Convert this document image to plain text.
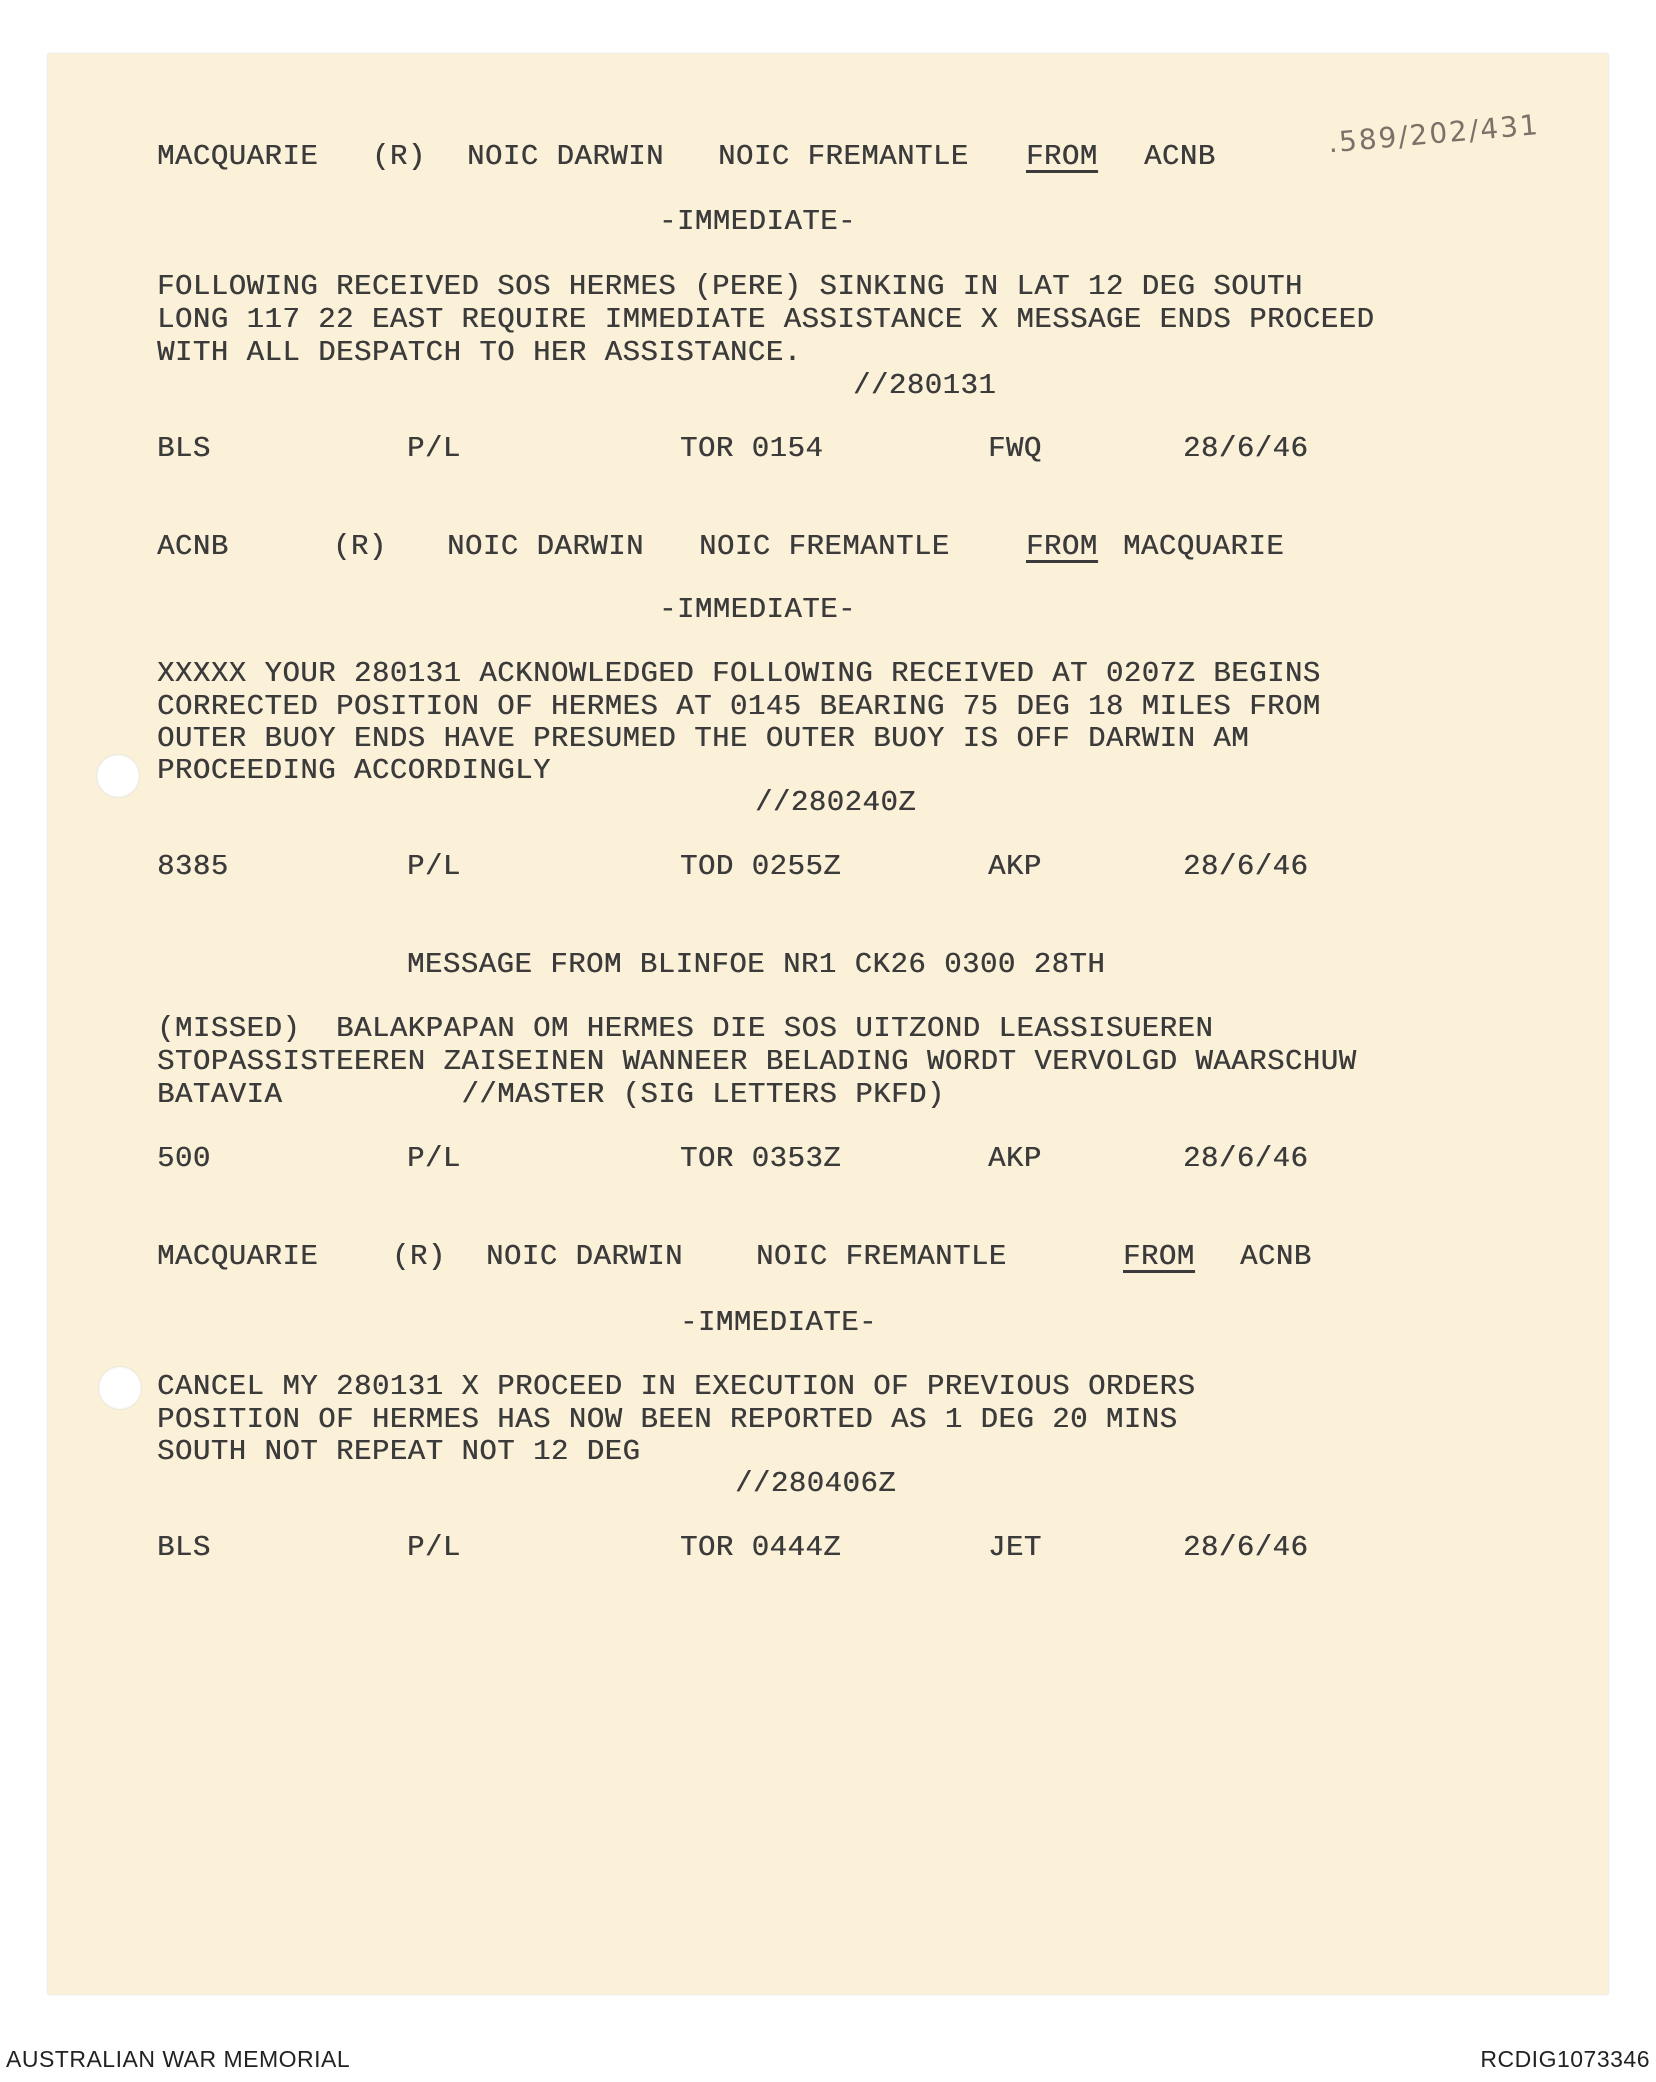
.589/202/431
MACQUARIE (R) NOIC DARWIN NOIC FREMANTLE FROM ACNB
-IMMEDIATE-
FOLLOWING RECEIVED SOS HERMES (PERE) SINKING IN LAT 12 DEG SOUTH
LONG 117 22 EAST REQUIRE IMMEDIATE ASSISTANCE X MESSAGE ENDS PROCEED
WITH ALL DESPATCH TO HER ASSISTANCE.
//280131
BLS	P/L	TOR 0154	FWQ	28/6/46
ACNB	(R) NOIC DARWIN NOIC FREMANTLE	FROM MACQUARIE
-IMMEDIATE-
XXXXX YOUR 280131 ACKNOWLEDGED FOLLOWING RECEIVED AT 0207Z BEGINS
CORRECTED POSITION OF HERMES AT 0145 BEARING 75 DEG 18 MILES FROM
OUTER BUOY ENDS HAVE PRESUMED THE OUTER BUOY IS OFF DARWIN AM
PROCEEDING ACCORDINGLY
//280240Z
8385	P/L	TOD 0255Z	AKP	28/6/46
MESSAGE FROM BLINFOE NR1 CK26 0300 28TH
(MISSED)  BALAKPAPAN OM HERMES DIE SOS UITZOND LEASSISUEREN
STOPASSISTEEREN ZAISEINEN WANNEER BELADING WORDT VERVOLGD WAARSCHUW
BATAVIA          //MASTER (SIG LETTERS PKFD)
500	P/L	TOR 0353Z	AKP	28/6/46
MACQUARIE	(R) NOIC DARWIN	NOIC FREMANTLE	FROM ACNB
-IMMEDIATE-
CANCEL MY 280131 X PROCEED IN EXECUTION OF PREVIOUS ORDERS
POSITION OF HERMES HAS NOW BEEN REPORTED AS 1 DEG 20 MINS
SOUTH NOT REPEAT NOT 12 DEG
//280406Z
BLS	P/L	TOR 0444Z	JET	28/6/46
AUSTRALIAN WAR MEMORIAL	RCDIG1073346
